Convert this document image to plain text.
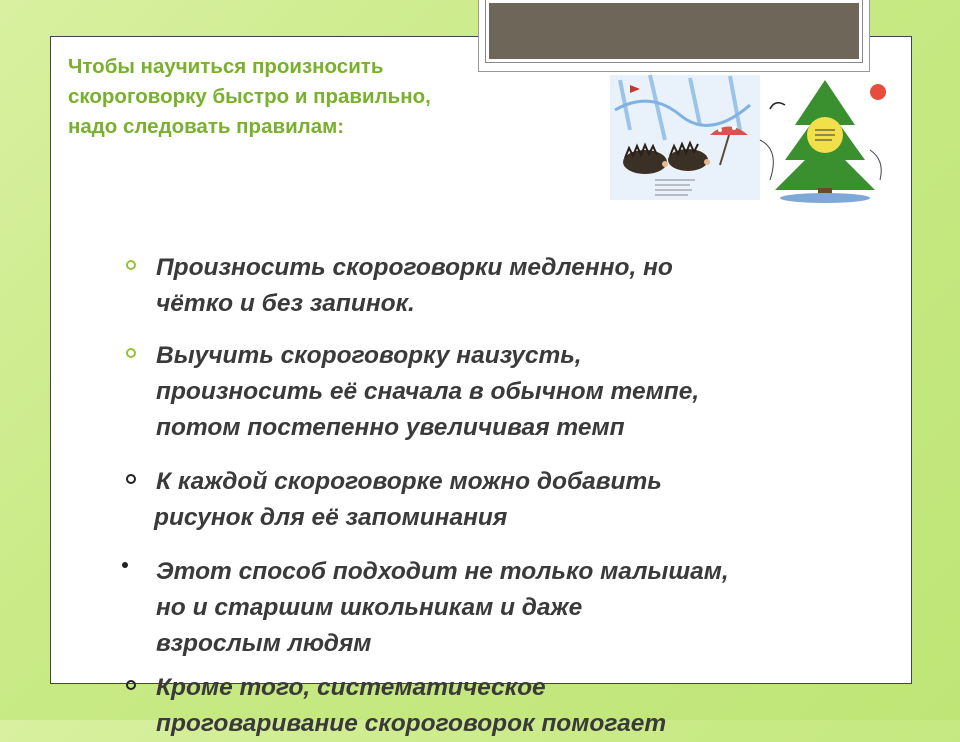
Чтобы научиться произносить
скороговорку быстро и правильно,
надо следовать правилам:
Произносить скороговорки медленно, но
чётко и без запинок.
Выучить скороговорку наизусть,
произносить её сначала в обычном темпе,
потом постепенно увеличивая темп
К каждой скороговорке можно добавить
рисунок для её запоминания
Этот способ подходит не только малышам,
но и старшим школьникам и даже
взрослым людям
Кроме того, систематическое
проговаривание скороговорок помогает
